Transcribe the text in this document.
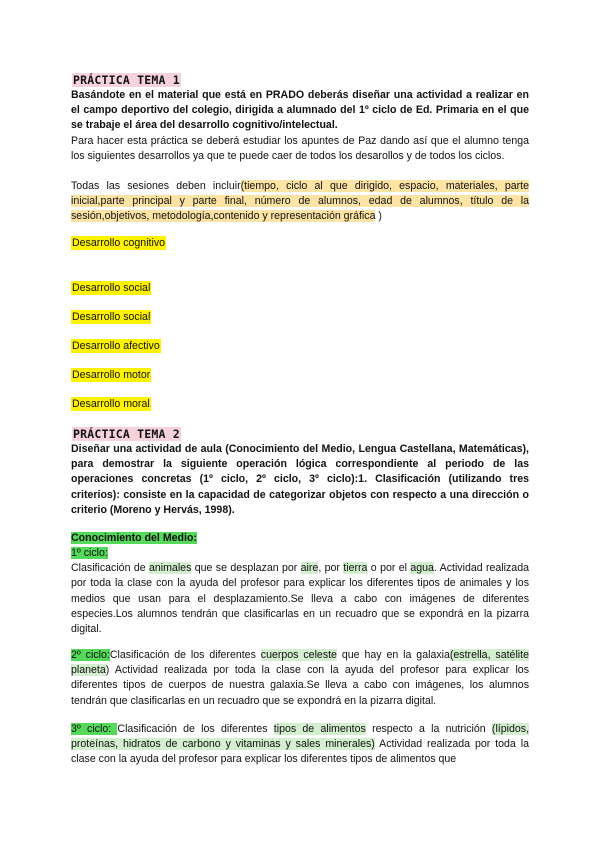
PRÁCTICA TEMA 1
Basándote en el material que está en PRADO deberás diseñar una actividad a realizar en el campo deportivo del colegio, dirigida a alumnado del 1º ciclo de Ed. Primaria en el que se trabaje el área del desarrollo cognitivo/intelectual.
Para hacer esta práctica se deberá estudiar los apuntes de Paz dando así que el alumno tenga los siguientes desarrollos ya que te puede caer de todos los desarollos y de todos los ciclos.
Todas las sesiones deben incluir(tiempo, ciclo al que dirigido, espacio, materiales, parte inicial,parte principal y parte final, número de alumnos, edad de alumnos, título de la sesión,objetivos, metodología,contenido y representación gráfica )
Desarrollo cognitivo
Desarrollo social
Desarrollo social
Desarrollo afectivo
Desarrollo motor
Desarrollo moral
PRÁCTICA TEMA 2
Diseñar una actividad de aula (Conocimiento del Medio, Lengua Castellana, Matemáticas), para demostrar la siguiente operación lógica correspondiente al periodo de las operaciones concretas (1º ciclo, 2º ciclo, 3º ciclo):1. Clasificación (utilizando tres criterios): consiste en la capacidad de categorizar objetos con respecto a una dirección o criterio (Moreno y Hervás, 1998).
Conocimiento del Medio:
1º ciclo:
Clasificación de animales que se desplazan por aire, por tierra o por el agua. Actividad realizada por toda la clase con la ayuda del profesor para explicar los diferentes tipos de animales y los medios que usan para el desplazamiento.Se lleva a cabo con imágenes de diferentes especies.Los alumnos tendrán que clasificarlas en un recuadro que se expondrá en la pizarra digital.
2º ciclo:Clasificación de los diferentes cuerpos celeste que hay en la galaxia(estrella, satélite planeta) Actividad realizada por toda la clase con la ayuda del profesor para explicar los diferentes tipos de cuerpos de nuestra galaxia.Se lleva a cabo con imágenes, los alumnos tendrán que clasificarlas en un recuadro que se expondrá en la pizarra digital.
3º ciclo: Clasificación de los diferentes tipos de alimentos respecto a la nutrición (lípidos, proteínas, hidratos de carbono y vitaminas y sales minerales) Actividad realizada por toda la clase con la ayuda del profesor para explicar los diferentes tipos de alimentos que
